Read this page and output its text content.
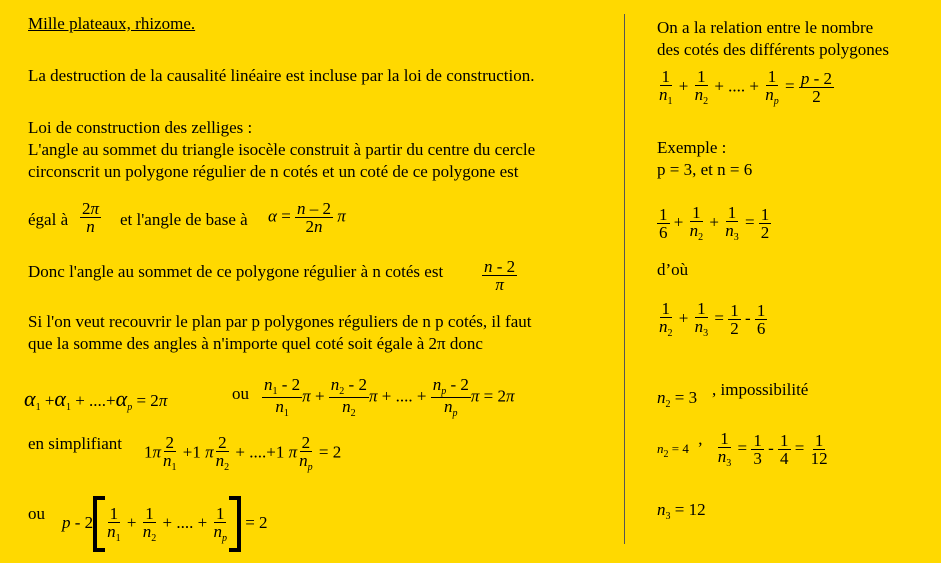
Mille plateaux, rhizome.
La destruction de la causalité linéaire est incluse par la loi de construction.
Loi de construction des zelliges :
L'angle au sommet du triangle isocèle construit à partir du centre du cercle
circonscrit un polygone régulier de n cotés et un coté de ce polygone est
égal à $\frac{2\pi}{n}$ et l'angle de base à $\alpha = \frac{n - 2}{2n}$ π
Donc l'angle au sommet de ce polygone régulier à n cotés est $\frac{n - 2}{\pi}$
Si l'on veut recouvrir le plan par p polygones réguliers de n p cotés, il faut
que la somme des angles à n'importe quel coté soit égale à 2π donc
$\alpha_1 +\alpha_1 + ....+\alpha_p = 2\pi$	ou $\frac{n_1 - 2}{n_1}$ $\pi + \frac{n_2 - 2}{n_2}$ π + .... + $\frac{n_p - 2}{n_p}$ π = 2π
en simplifiant $1\pi \frac{2}{n_1} +1$ π $\frac{2}{n_2} + ....+1$ π $\frac{2}{n_p} = 2$
ou $p - 2 \frac{1}{n_1} + \frac{1}{n_2}$ + .... + $\frac{1}{n_p} = 2$
On a la relation entre le nombre
des cotés des différents polygones
$\frac{1}{n_1} + \frac{1}{n_2}$ + .... + $\frac{1}{n_p} = \frac{p - 2}{2}$
Exemple :
p = 3, et n = 6
$\frac{1}{6} + \frac{1}{n_2} + \frac{1}{n_3} = \frac{1}{2}$
d’où
$\frac{1}{n_2} + \frac{1}{n_3} = \frac{1}{2} - \frac{1}{6}$
$n_2 = 3$ , impossibilité
$n_2 = 4$  ’ $\frac{1}{n_3} = \frac{1}{3} - \frac{1}{4} = \frac{1}{12}$
$n_3 = 12$
